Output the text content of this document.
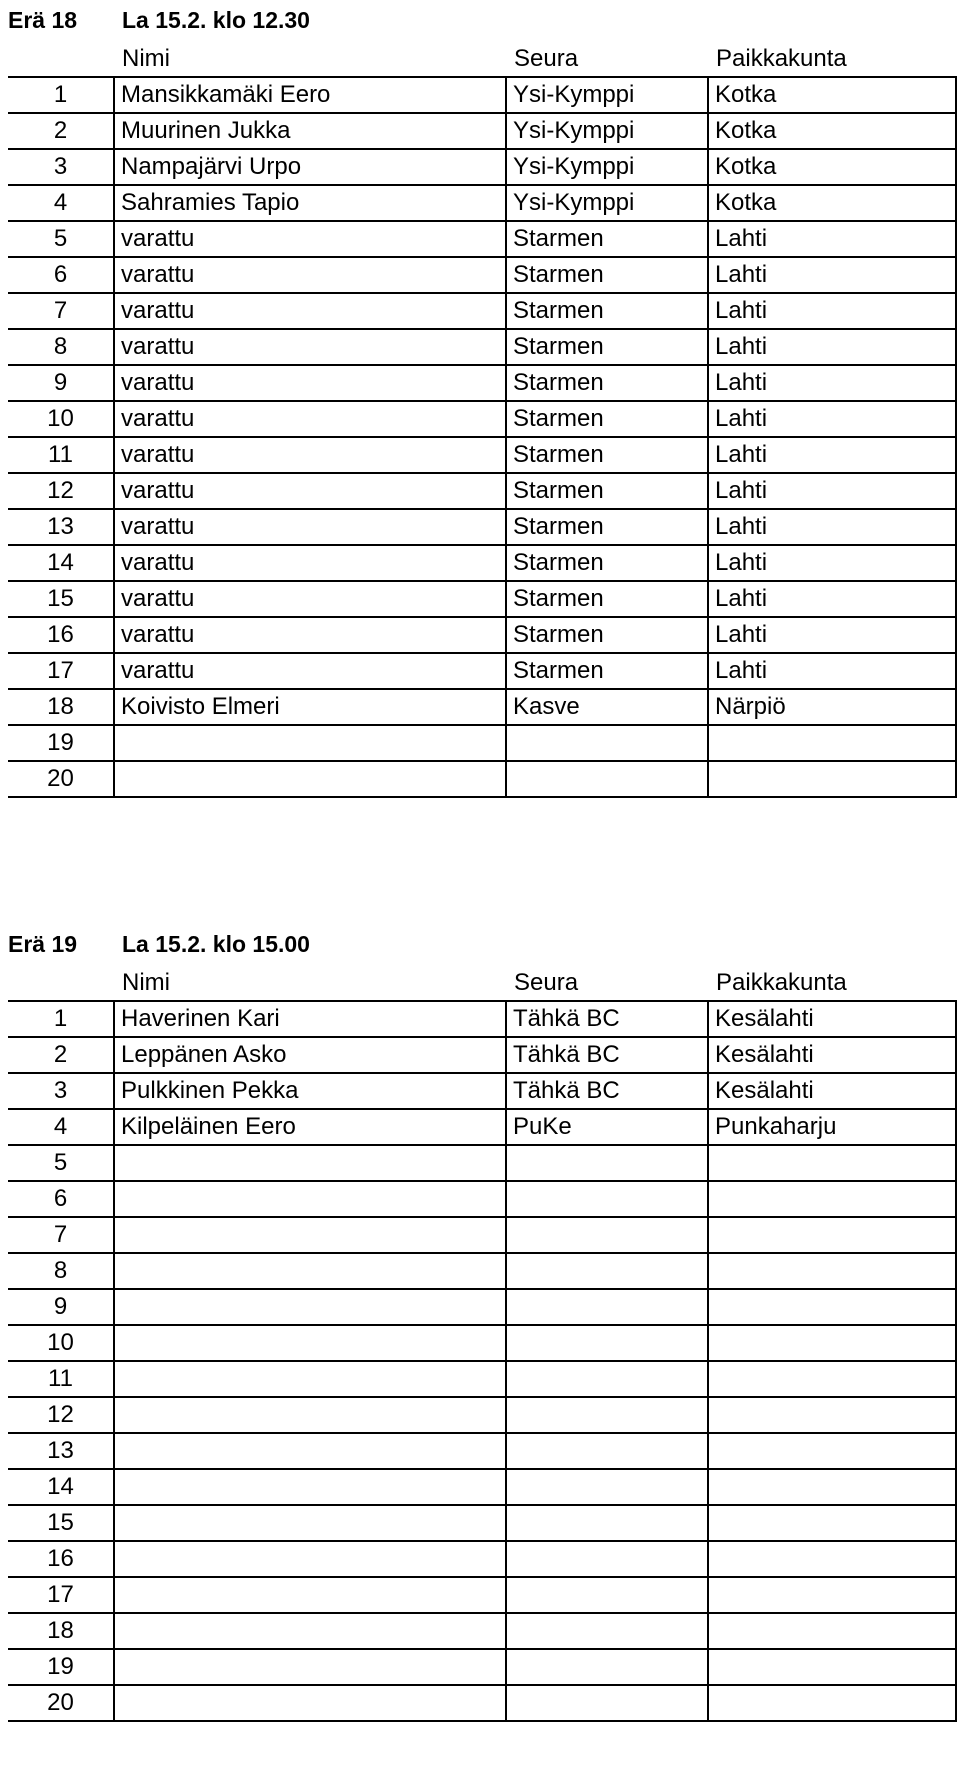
Erä 18 La 15.2. klo 12.30
Nimi	Seura	Paikkakunta
1	Mansikkamäki Eero	Ysi-Kymppi	Kotka
2	Muurinen Jukka	Ysi-Kymppi	Kotka
3	Nampajärvi Urpo	Ysi-Kymppi	Kotka
4	Sahramies Tapio	Ysi-Kymppi	Kotka
5	varattu	Starmen	Lahti
6	varattu	Starmen	Lahti
7	varattu	Starmen	Lahti
8	varattu	Starmen	Lahti
9	varattu	Starmen	Lahti
10	varattu	Starmen	Lahti
11	varattu	Starmen	Lahti
12	varattu	Starmen	Lahti
13	varattu	Starmen	Lahti
14	varattu	Starmen	Lahti
15	varattu	Starmen	Lahti
16	varattu	Starmen	Lahti
17	varattu	Starmen	Lahti
18	Koivisto Elmeri	Kasve	Närpiö
19			
20			
Erä 19 La 15.2. klo 15.00
Nimi	Seura	Paikkakunta
1	Haverinen Kari	Tähkä BC	Kesälahti
2	Leppänen Asko	Tähkä BC	Kesälahti
3	Pulkkinen Pekka	Tähkä BC	Kesälahti
4	Kilpeläinen Eero	PuKe	Punkaharju
5			
6			
7			
8			
9			
10			
11			
12			
13			
14			
15			
16			
17			
18			
19			
20			
